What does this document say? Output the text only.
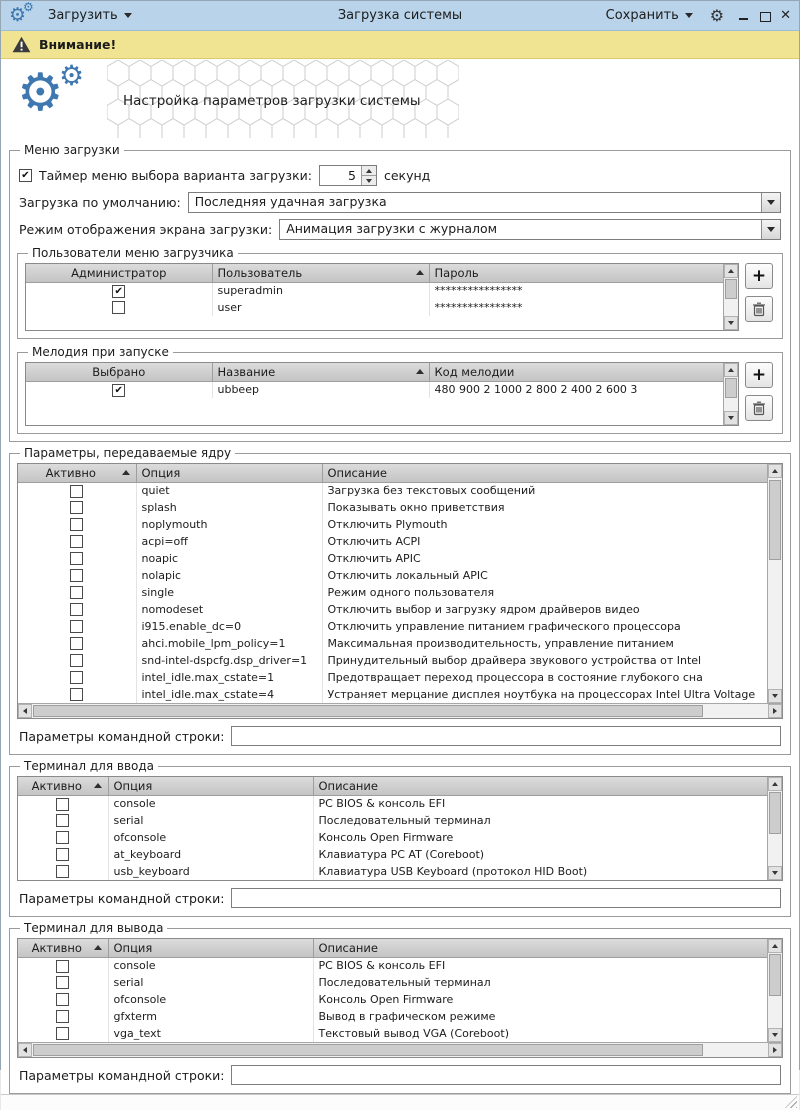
⚙
⚙
Загрузить	Загрузка системы	Сохранить ⚙	✕
Внимание!
⚙
⚙
Настройка параметров загрузки системы
Меню загрузки
✔ Таймер меню выбора варианта загрузки:	5	секунд
Загрузка по умолчанию:	Последняя удачная загрузка
Режим отображения экрана загрузки:	Анимация загрузки с журналом
Пользователи меню загрузчика
Администратор	Пользователь	Пароль

✔	superadmin	****************
	user	****************
+
Мелодия при запуске
Выбрано	Название	Код мелодии

✔	ubbeep	480 900 2 1000 2 800 2 400 2 600 3
+
Параметры, передаваемые ядру
Активно	Опция	Описание

	quiet	Загрузка без текстовых сообщений
	splash	Показывать окно приветствия
	noplymouth	Отключить Plymouth
	acpi=off	Отключить ACPI
	noapic	Отключить APIC
	nolapic	Отключить локальный APIC
	single	Режим одного пользователя
	nomodeset	Отключить выбор и загрузку ядром драйверов видео
	i915.enable_dc=0	Отключить управление питанием графического процессора
	ahci.mobile_lpm_policy=1	Максимальная производительность, управление питанием
	snd-intel-dspcfg.dsp_driver=1	Принудительный выбор драйвера звукового устройства от Intel
	intel_idle.max_cstate=1	Предотвращает переход процессора в состояние глубокого сна
	intel_idle.max_cstate=4	Устраняет мерцание дисплея ноутбука на процессорах Intel Ultra Voltage
Параметры командной строки:
Терминал для ввода
Активно	Опция	Описание

	console	PC BIOS & консоль EFI
	serial	Последовательный терминал
	ofconsole	Консоль Open Firmware
	at_keyboard	Клавиатура PC AT (Coreboot)
	usb_keyboard	Клавиатура USB Keyboard (протокол HID Boot)
Параметры командной строки:
Терминал для вывода
Активно	Опция	Описание

	console	PC BIOS & консоль EFI
	serial	Последовательный терминал
	ofconsole	Консоль Open Firmware
	gfxterm	Вывод в графическом режиме
	vga_text	Текстовый вывод VGA (Coreboot)
Параметры командной строки:
